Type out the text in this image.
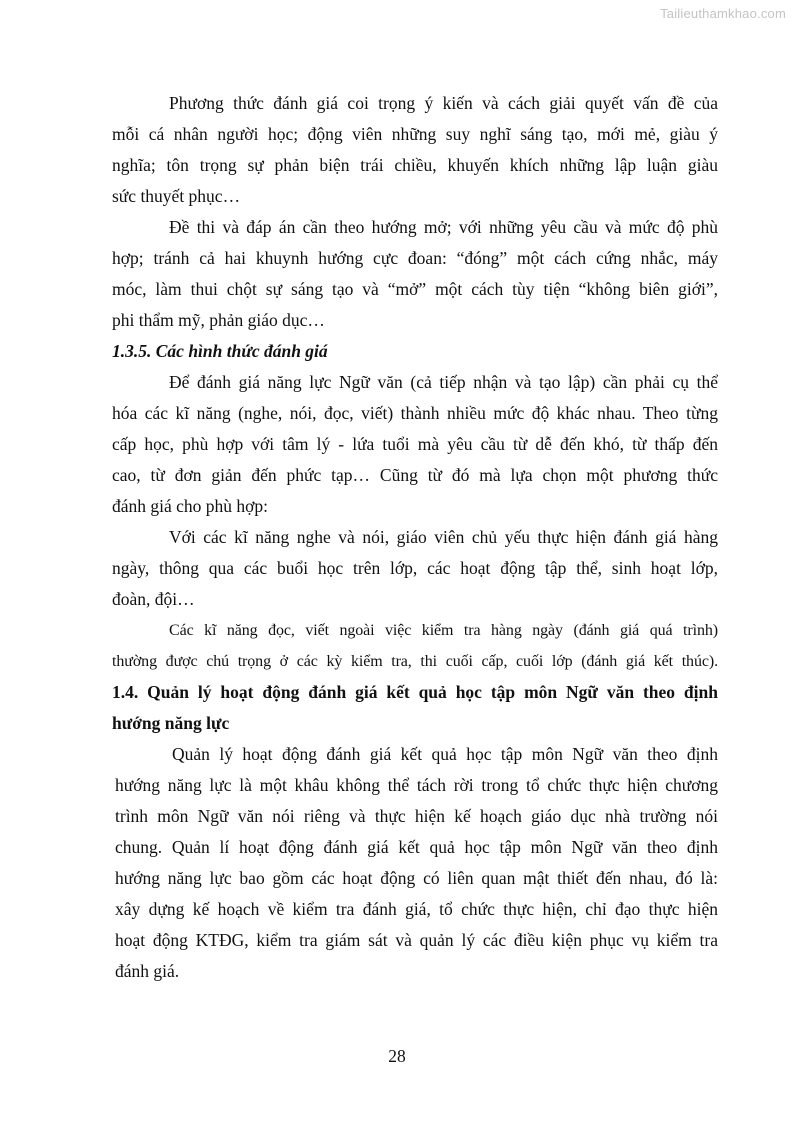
Tailieuthamkhao.com
Phương thức đánh giá coi trọng ý kiến và cách giải quyết vấn đề của
mỗi cá nhân người học; động viên những suy nghĩ sáng tạo, mới mẻ, giàu ý
nghĩa; tôn trọng sự phản biện trái chiều, khuyến khích những lập luận giàu
sức thuyết phục…
Đề thi và đáp án cần theo hướng mở; với những yêu cầu và mức độ phù
hợp; tránh cả hai khuynh hướng cực đoan: “đóng” một cách cứng nhắc, máy
móc, làm thui chột sự sáng tạo và “mở” một cách tùy tiện “không biên giới”,
phi thẩm mỹ, phản giáo dục…
1.3.5. Các hình thức đánh giá
Để đánh giá năng lực Ngữ văn (cả tiếp nhận và tạo lập) cần phải cụ thể
hóa các kĩ năng (nghe, nói, đọc, viết) thành nhiều mức độ khác nhau. Theo từng
cấp học, phù hợp với tâm lý - lứa tuổi mà yêu cầu từ dễ đến khó, từ thấp đến
cao, từ đơn giản đến phức tạp… Cũng từ đó mà lựa chọn một phương thức
đánh giá cho phù hợp:
Với các kĩ năng nghe và nói, giáo viên chủ yếu thực hiện đánh giá hàng
ngày, thông qua các buổi học trên lớp, các hoạt động tập thể, sinh hoạt lớp,
đoàn, đội…
Các kĩ năng đọc, viết ngoài việc kiểm tra hàng ngày (đánh giá quá trình)
thường được chú trọng ở các kỳ kiểm tra, thi cuối cấp, cuối lớp (đánh giá kết thúc).
1.4. Quản lý hoạt động đánh giá kết quả học tập môn Ngữ văn theo định
hướng năng lực
Quản lý hoạt động đánh giá kết quả học tập môn Ngữ văn theo định
hướng năng lực là một khâu không thể tách rời trong tổ chức thực hiện chương
trình môn Ngữ văn nói riêng và thực hiện kế hoạch giáo dục nhà trường nói
chung. Quản lí hoạt động đánh giá kết quả học tập môn Ngữ văn theo định
hướng năng lực bao gồm các hoạt động có liên quan mật thiết đến nhau, đó là:
xây dựng kế hoạch về kiểm tra đánh giá, tổ chức thực hiện, chỉ đạo thực hiện
hoạt động KTĐG, kiểm tra giám sát và quản lý các điều kiện phục vụ kiểm tra
đánh giá.
28
